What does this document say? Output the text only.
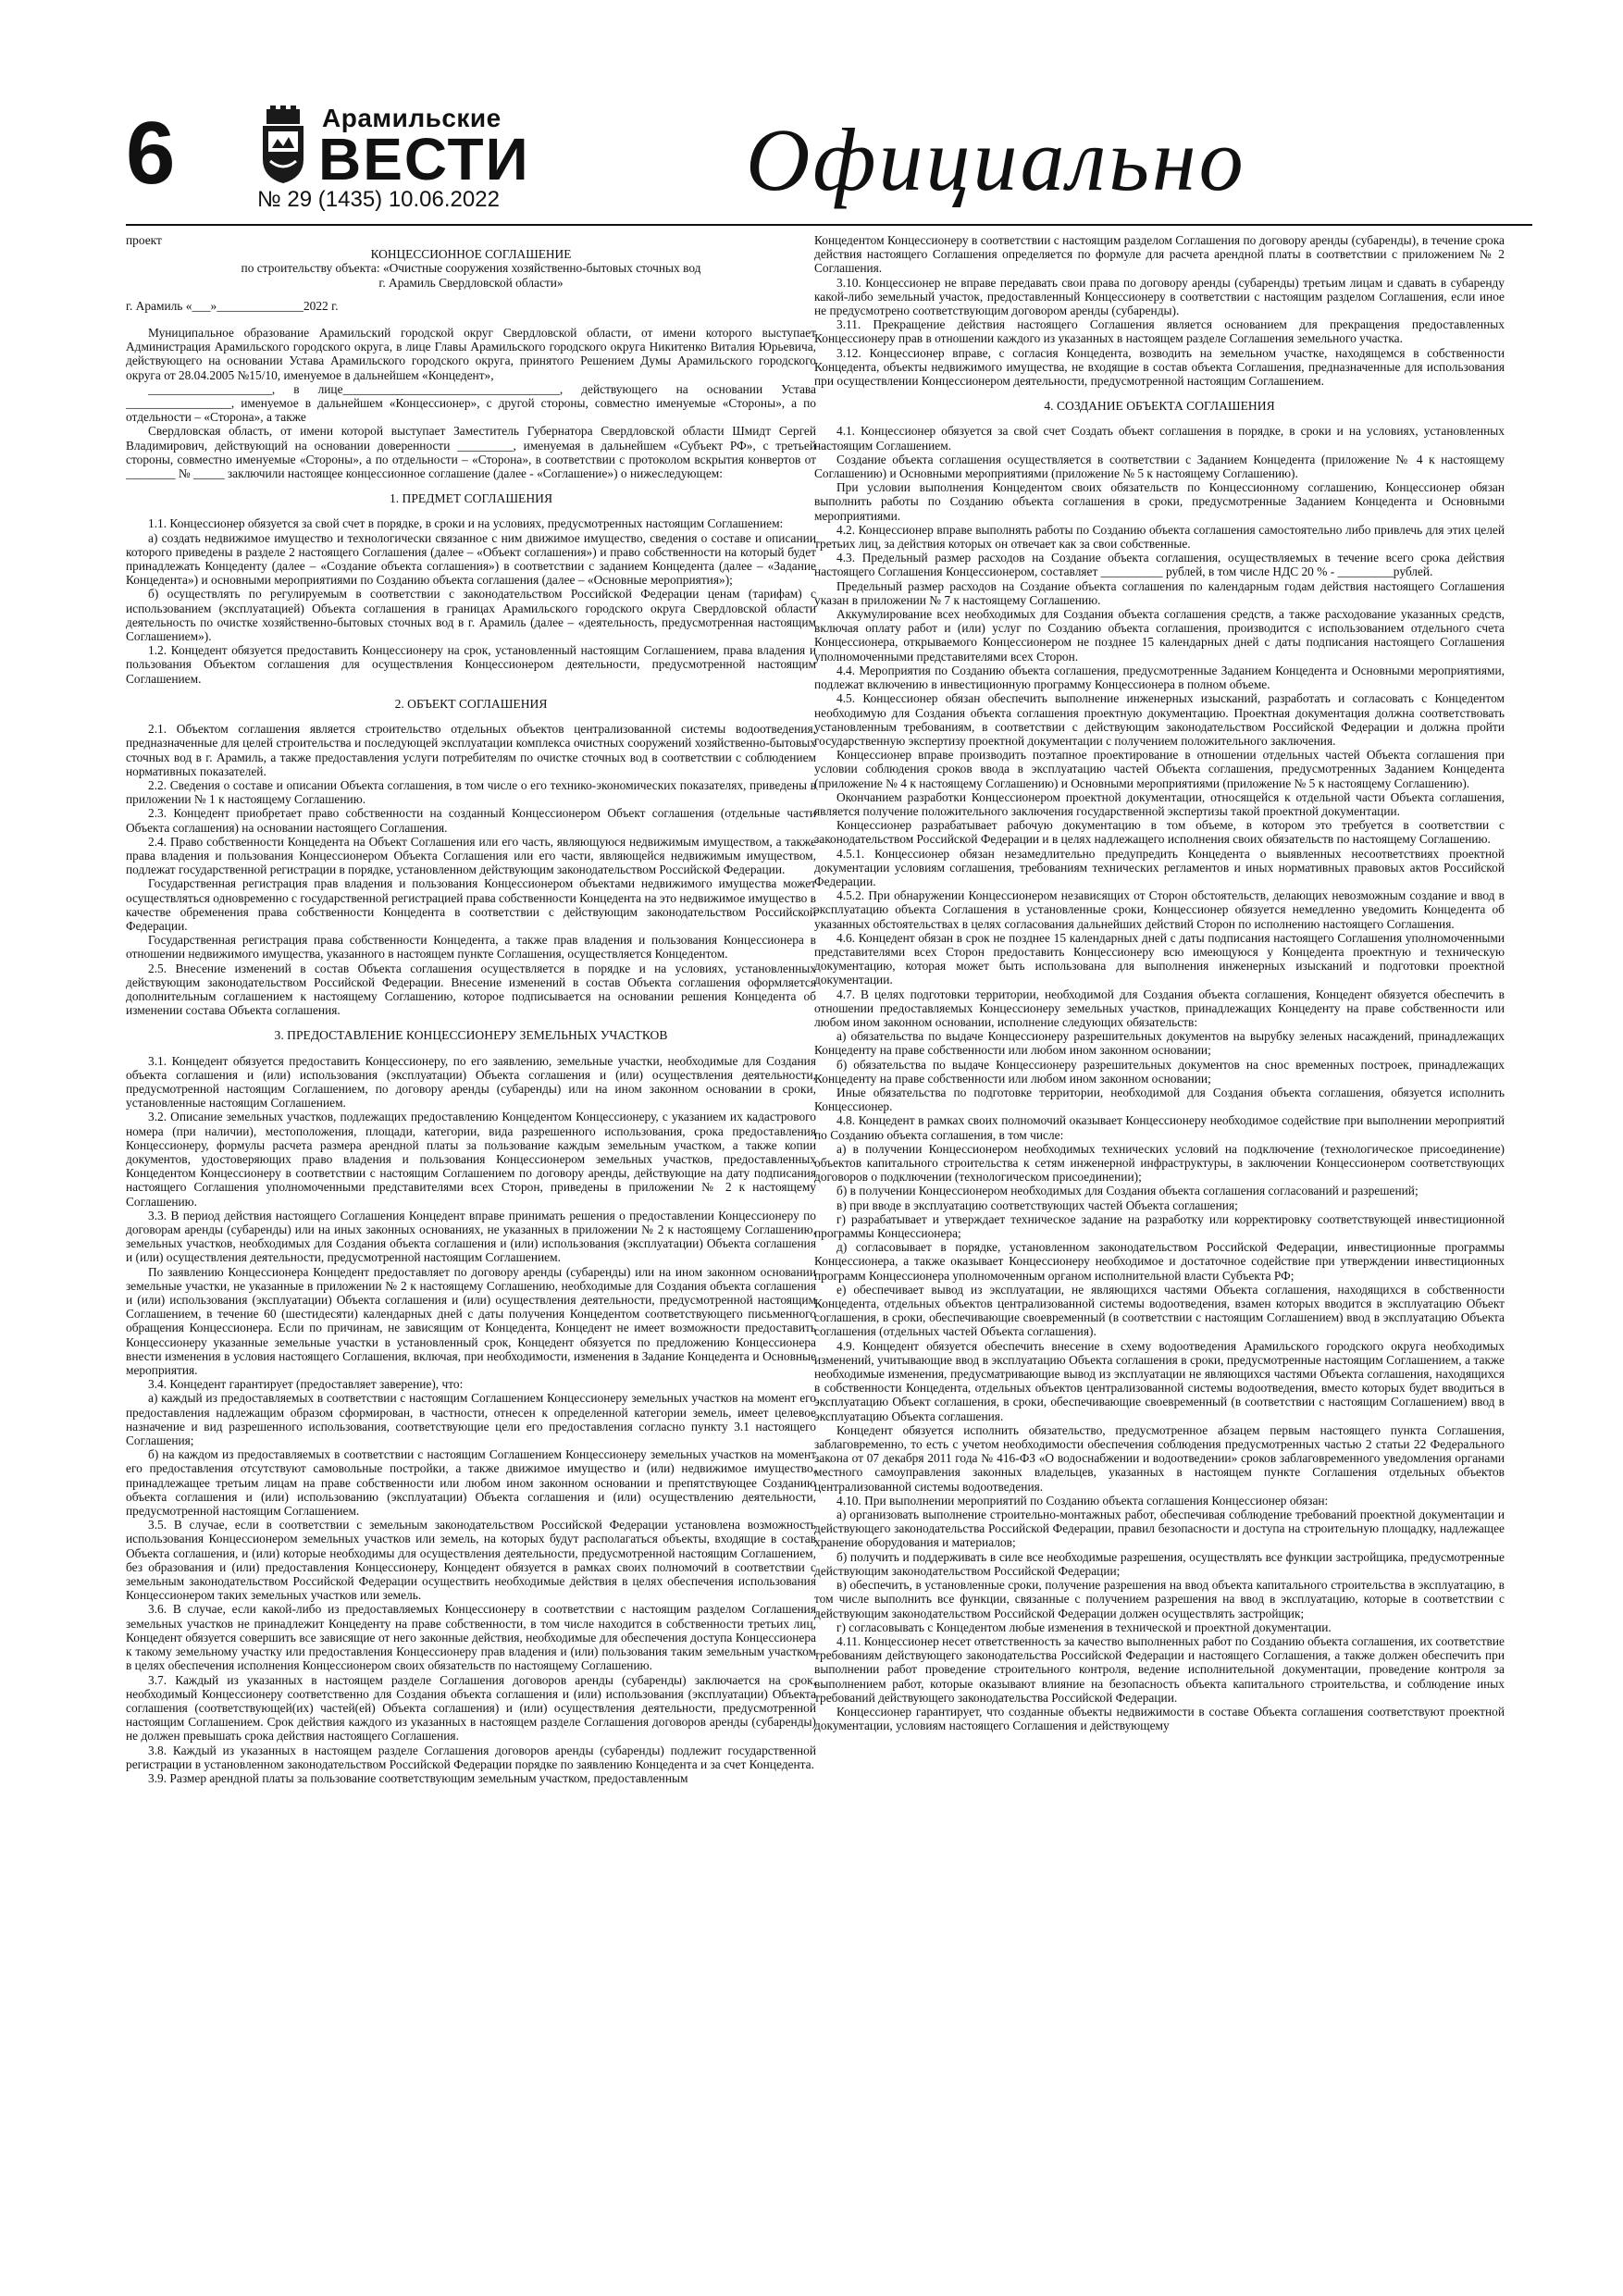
6	Арамильские
ВЕСТИ
№ 29 (1435) 10.06.2022	Официально

проект

КОНЦЕССИОННОЕ СОГЛАШЕНИЕ

по строительству объекта: «Очистные сооружения хозяйственно-бытовых сточных вод

г. Арамиль Свердловской области»

г. Арамиль «___»______________2022 г.

Муниципальное образование Арамильский городской округ Свердловской области, от имени которого выступает Администрация Арамильского городского округа, в лице Главы Арамильского городского округа Никитенко Виталия Юрьевича, действующего на основании Устава Арамильского городского округа, принятого Решением Думы Арамильского городского округа от 28.04.2005 №15/10, именуемое в дальнейшем «Концедент»,

____________________, в лице___________________________________, действующего на основании Устава _________________, именуемое в дальнейшем «Концессионер», с другой стороны, совместно именуемые «Стороны», а по отдельности – «Сторона», а также

Свердловская область, от имени которой выступает Заместитель Губернатора Свердловской области Шмидт Сергей Владимирович, действующий на основании доверенности _________, именуемая в дальнейшем «Субъект РФ», с третьей стороны, совместно именуемые «Стороны», а по отдельности – «Сторона», в соответствии с протоколом вскрытия конвертов от ________ № _____ заключили настоящее концессионное соглашение (далее - «Соглашение») о нижеследующем:

1. ПРЕДМЕТ СОГЛАШЕНИЯ

1.1. Концессионер обязуется за свой счет в порядке, в сроки и на условиях, предусмотренных настоящим Соглашением:

а) создать недвижимое имущество и технологически связанное с ним движимое имущество, сведения о составе и описании которого приведены в разделе 2 настоящего Соглашения (далее – «Объект соглашения») и право собственности на который будет принадлежать Концеденту (далее – «Создание объекта соглашения») в соответствии с заданием Концедента (далее – «Задание Концедента») и основными мероприятиями по Созданию объекта соглашения (далее – «Основные мероприятия»);

б) осуществлять по регулируемым в соответствии с законодательством Российской Федерации ценам (тарифам) с использованием (эксплуатацией) Объекта соглашения в границах Арамильского городского округа Свердловской области деятельность по очистке хозяйственно-бытовых сточных вод в г. Арамиль (далее – «деятельность, предусмотренная настоящим Соглашением»).

1.2. Концедент обязуется предоставить Концессионеру на срок, установленный настоящим Соглашением, права владения и пользования Объектом соглашения для осуществления Концессионером деятельности, предусмотренной настоящим Соглашением.

2. ОБЪЕКТ СОГЛАШЕНИЯ

2.1. Объектом соглашения является строительство отдельных объектов централизованной системы водоотведения, предназначенные для целей строительства и последующей эксплуатации комплекса очистных сооружений хозяйственно-бытовых сточных вод в г. Арамиль, а также предоставления услуги потребителям по очистке сточных вод в соответствии с соблюдением нормативных показателей.

2.2. Сведения о составе и описании Объекта соглашения, в том числе о его технико-экономических показателях, приведены в приложении № 1 к настоящему Соглашению.

2.3. Концедент приобретает право собственности на созданный Концессионером Объект соглашения (отдельные части Объекта соглашения) на основании настоящего Соглашения.

2.4. Право собственности Концедента на Объект Соглашения или его часть, являющуюся недвижимым имуществом, а также права владения и пользования Концессионером Объекта Соглашения или его части, являющейся недвижимым имуществом, подлежат государственной регистрации в порядке, установленном действующим законодательством Российской Федерации.

Государственная регистрация прав владения и пользования Концессионером объектами недвижимого имущества может осуществляться одновременно с государственной регистрацией права собственности Концедента на это недвижимое имущество в качестве обременения права собственности Концедента в соответствии с действующим законодательством Российской Федерации.

Государственная регистрация права собственности Концедента, а также прав владения и пользования Концессионера в отношении недвижимого имущества, указанного в настоящем пункте Соглашения, осуществляется Концедентом.

2.5. Внесение изменений в состав Объекта соглашения осуществляется в порядке и на условиях, установленных действующим законодательством Российской Федерации. Внесение изменений в состав Объекта соглашения оформляется дополнительным соглашением к настоящему Соглашению, которое подписывается на основании решения Концедента об изменении состава Объекта соглашения.

3. ПРЕДОСТАВЛЕНИЕ КОНЦЕССИОНЕРУ ЗЕМЕЛЬНЫХ УЧАСТКОВ

3.1. Концедент обязуется предоставить Концессионеру, по его заявлению, земельные участки, необходимые для Создания объекта соглашения и (или) использования (эксплуатации) Объекта соглашения и (или) осуществления деятельности, предусмотренной настоящим Соглашением, по договору аренды (субаренды) или на ином законном основании в сроки, установленные настоящим Соглашением.

3.2. Описание земельных участков, подлежащих предоставлению Концедентом Концессионеру, с указанием их кадастрового номера (при наличии), местоположения, площади, категории, вида разрешенного использования, срока предоставления Концессионеру, формулы расчета размера арендной платы за пользование каждым земельным участком, а также копии документов, удостоверяющих право владения и пользования Концессионером земельных участков, предоставленных Концедентом Концессионеру в соответствии с настоящим Соглашением по договору аренды, действующие на дату подписания настоящего Соглашения уполномоченными представителями всех Сторон, приведены в приложении № 2 к настоящему Соглашению.

3.3. В период действия настоящего Соглашения Концедент вправе принимать решения о предоставлении Концессионеру по договорам аренды (субаренды) или на иных законных основаниях, не указанных в приложении № 2 к настоящему Соглашению, земельных участков, необходимых для Создания объекта соглашения и (или) использования (эксплуатации) Объекта соглашения и (или) осуществления деятельности, предусмотренной настоящим Соглашением.

По заявлению Концессионера Концедент предоставляет по договору аренды (субаренды) или на ином законном основании земельные участки, не указанные в приложении № 2 к настоящему Соглашению, необходимые для Создания объекта соглашения и (или) использования (эксплуатации) Объекта соглашения и (или) осуществления деятельности, предусмотренной настоящим Соглашением, в течение 60 (шестидесяти) календарных дней с даты получения Концедентом соответствующего письменного обращения Концессионера. Если по причинам, не зависящим от Концедента, Концедент не имеет возможности предоставить Концессионеру указанные земельные участки в установленный срок, Концедент обязуется по предложению Концессионера внести изменения в условия настоящего Соглашения, включая, при необходимости, изменения в Задание Концедента и Основные мероприятия.

3.4. Концедент гарантирует (предоставляет заверение), что:

а) каждый из предоставляемых в соответствии с настоящим Соглашением Концессионеру земельных участков на момент его предоставления надлежащим образом сформирован, в частности, отнесен к определенной категории земель, имеет целевое назначение и вид разрешенного использования, соответствующие цели его предоставления согласно пункту 3.1 настоящего Соглашения;

б) на каждом из предоставляемых в соответствии с настоящим Соглашением Концессионеру земельных участков на момент его предоставления отсутствуют самовольные постройки, а также движимое имущество и (или) недвижимое имущество, принадлежащее третьим лицам на праве собственности или любом ином законном основании и препятствующее Созданию объекта соглашения и (или) использованию (эксплуатации) Объекта соглашения и (или) осуществлению деятельности, предусмотренной настоящим Соглашением.

3.5. В случае, если в соответствии с земельным законодательством Российской Федерации установлена возможность использования Концессионером земельных участков или земель, на которых будут располагаться объекты, входящие в состав Объекта соглашения, и (или) которые необходимы для осуществления деятельности, предусмотренной настоящим Соглашением, без образования и (или) предоставления Концессионеру, Концедент обязуется в рамках своих полномочий в соответствии с земельным законодательством Российской Федерации осуществить необходимые действия в целях обеспечения использования Концессионером таких земельных участков или земель.

3.6. В случае, если какой-либо из предоставляемых Концессионеру в соответствии с настоящим разделом Соглашения земельных участков не принадлежит Концеденту на праве собственности, в том числе находится в собственности третьих лиц, Концедент обязуется совершить все зависящие от него законные действия, необходимые для обеспечения доступа Концессионера к такому земельному участку или предоставления Концессионеру прав владения и (или) пользования таким земельным участком в целях обеспечения исполнения Концессионером своих обязательств по настоящему Соглашению.

3.7. Каждый из указанных в настоящем разделе Соглашения договоров аренды (субаренды) заключается на срок, необходимый Концессионеру соответственно для Создания объекта соглашения и (или) использования (эксплуатации) Объекта соглашения (соответствующей(их) частей(ей) Объекта соглашения) и (или) осуществления деятельности, предусмотренной настоящим Соглашением. Срок действия каждого из указанных в настоящем разделе Соглашения договоров аренды (субаренды) не должен превышать срока действия настоящего Соглашения.

3.8. Каждый из указанных в настоящем разделе Соглашения договоров аренды (субаренды) подлежит государственной регистрации в установленном законодательством Российской Федерации порядке по заявлению Концедента и за счет Концедента.

3.9. Размер арендной платы за пользование соответствующим земельным участком, предоставленным

Концедентом Концессионеру в соответствии с настоящим разделом Соглашения по договору аренды (субаренды), в течение срока действия настоящего Соглашения определяется по формуле для расчета арендной платы в соответствии с приложением № 2 Соглашения.

3.10. Концессионер не вправе передавать свои права по договору аренды (субаренды) третьим лицам и сдавать в субаренду какой-либо земельный участок, предоставленный Концессионеру в соответствии с настоящим разделом Соглашения, если иное не предусмотрено соответствующим договором аренды (субаренды).

3.11. Прекращение действия настоящего Соглашения является основанием для прекращения предоставленных Концессионеру прав в отношении каждого из указанных в настоящем разделе Соглашения земельного участка.

3.12. Концессионер вправе, с согласия Концедента, возводить на земельном участке, находящемся в собственности Концедента, объекты недвижимого имущества, не входящие в состав объекта Соглашения, предназначенные для использования при осуществлении Концессионером деятельности, предусмотренной настоящим Соглашением.

4. СОЗДАНИЕ ОБЪЕКТА СОГЛАШЕНИЯ

4.1. Концессионер обязуется за свой счет Создать объект соглашения в порядке, в сроки и на условиях, установленных настоящим Соглашением.

Создание объекта соглашения осуществляется в соответствии с Заданием Концедента (приложение № 4 к настоящему Соглашению) и Основными мероприятиями (приложение № 5 к настоящему Соглашению).

При условии выполнения Концедентом своих обязательств по Концессионному соглашению, Концессионер обязан выполнить работы по Созданию объекта соглашения в сроки, предусмотренные Заданием Концедента и Основными мероприятиями.

4.2. Концессионер вправе выполнять работы по Созданию объекта соглашения самостоятельно либо привлечь для этих целей третьих лиц, за действия которых он отвечает как за свои собственные.

4.3. Предельный размер расходов на Создание объекта соглашения, осуществляемых в течение всего срока действия настоящего Соглашения Концессионером, составляет __________ рублей, в том числе НДС 20 % - _________рублей.

Предельный размер расходов на Создание объекта соглашения по календарным годам действия настоящего Соглашения указан в приложении № 7 к настоящему Соглашению.

Аккумулирование всех необходимых для Создания объекта соглашения средств, а также расходование указанных средств, включая оплату работ и (или) услуг по Созданию объекта соглашения, производится с использованием отдельного счета Концессионера, открываемого Концессионером не позднее 15 календарных дней с даты подписания настоящего Соглашения уполномоченными представителями всех Сторон.

4.4. Мероприятия по Созданию объекта соглашения, предусмотренные Заданием Концедента и Основными мероприятиями, подлежат включению в инвестиционную программу Концессионера в полном объеме.

4.5. Концессионер обязан обеспечить выполнение инженерных изысканий, разработать и согласовать с Концедентом необходимую для Создания объекта соглашения проектную документацию. Проектная документация должна соответствовать установленным требованиям, в соответствии с действующим законодательством Российской Федерации и должна пройти государственную экспертизу проектной документации с получением положительного заключения.

Концессионер вправе производить поэтапное проектирование в отношении отдельных частей Объекта соглашения при условии соблюдения сроков ввода в эксплуатацию частей Объекта соглашения, предусмотренных Заданием Концедента (приложение № 4 к настоящему Соглашению) и Основными мероприятиями (приложение № 5 к настоящему Соглашению).

Окончанием разработки Концессионером проектной документации, относящейся к отдельной части Объекта соглашения, является получение положительного заключения государственной экспертизы такой проектной документации.

Концессионер разрабатывает рабочую документацию в том объеме, в котором это требуется в соответствии с законодательством Российской Федерации и в целях надлежащего исполнения своих обязательств по настоящему Соглашению.

4.5.1. Концессионер обязан незамедлительно предупредить Концедента о выявленных несоответствиях проектной документации условиям соглашения, требованиям технических регламентов и иных нормативных правовых актов Российской Федерации.

4.5.2. При обнаружении Концессионером независящих от Сторон обстоятельств, делающих невозможным создание и ввод в эксплуатацию объекта Соглашения в установленные сроки, Концессионер обязуется немедленно уведомить Концедента об указанных обстоятельствах в целях согласования дальнейших действий Сторон по исполнению настоящего Соглашения.

4.6. Концедент обязан в срок не позднее 15 календарных дней с даты подписания настоящего Соглашения уполномоченными представителями всех Сторон предоставить Концессионеру всю имеющуюся у Концедента проектную и техническую документацию, которая может быть использована для выполнения инженерных изысканий и подготовки проектной документации.

4.7. В целях подготовки территории, необходимой для Создания объекта соглашения, Концедент обязуется обеспечить в отношении предоставляемых Концессионеру земельных участков, принадлежащих Концеденту на праве собственности или любом ином законном основании, исполнение следующих обязательств:

а) обязательства по выдаче Концессионеру разрешительных документов на вырубку зеленых насаждений, принадлежащих Концеденту на праве собственности или любом ином законном основании;

б) обязательства по выдаче Концессионеру разрешительных документов на снос временных построек, принадлежащих Концеденту на праве собственности или любом ином законном основании;

Иные обязательства по подготовке территории, необходимой для Создания объекта соглашения, обязуется исполнить Концессионер.

4.8. Концедент в рамках своих полномочий оказывает Концессионеру необходимое содействие при выполнении мероприятий по Созданию объекта соглашения, в том числе:

а) в получении Концессионером необходимых технических условий на подключение (технологическое присоединение) объектов капитального строительства к сетям инженерной инфраструктуры, в заключении Концессионером соответствующих договоров о подключении (технологическом присоединении);

б) в получении Концессионером необходимых для Создания объекта соглашения согласований и разрешений;

в) при вводе в эксплуатацию соответствующих частей Объекта соглашения;

г) разрабатывает и утверждает техническое задание на разработку или корректировку соответствующей инвестиционной программы Концессионера;

д) согласовывает в порядке, установленном законодательством Российской Федерации, инвестиционные программы Концессионера, а также оказывает Концессионеру необходимое и достаточное содействие при утверждении инвестиционных программ Концессионера уполномоченным органом исполнительной власти Субъекта РФ;

е) обеспечивает вывод из эксплуатации, не являющихся частями Объекта соглашения, находящихся в собственности Концедента, отдельных объектов централизованной системы водоотведения, взамен которых вводится в эксплуатацию Объект соглашения, в сроки, обеспечивающие своевременный (в соответствии с настоящим Соглашением) ввод в эксплуатацию Объекта соглашения (отдельных частей Объекта соглашения).

4.9. Концедент обязуется обеспечить внесение в схему водоотведения Арамильского городского округа необходимых изменений, учитывающие ввод в эксплуатацию Объекта соглашения в сроки, предусмотренные настоящим Соглашением, а также необходимые изменения, предусматривающие вывод из эксплуатации не являющихся частями Объекта соглашения, находящихся в собственности Концедента, отдельных объектов централизованной системы водоотведения, вместо которых будет вводиться в эксплуатацию Объект соглашения, в сроки, обеспечивающие своевременный (в соответствии с настоящим Соглашением) ввод в эксплуатацию Объекта соглашения.

Концедент обязуется исполнить обязательство, предусмотренное абзацем первым настоящего пункта Соглашения, заблаговременно, то есть с учетом необходимости обеспечения соблюдения предусмотренных частью 2 статьи 22 Федерального закона от 07 декабря 2011 года № 416-ФЗ «О водоснабжении и водоотведении» сроков заблаговременного уведомления органами местного самоуправления законных владельцев, указанных в настоящем пункте Соглашения отдельных объектов централизованной системы водоотведения.

4.10. При выполнении мероприятий по Созданию объекта соглашения Концессионер обязан:

а) организовать выполнение строительно-монтажных работ, обеспечивая соблюдение требований проектной документации и действующего законодательства Российской Федерации, правил безопасности и доступа на строительную площадку, надлежащее хранение оборудования и материалов;

б) получить и поддерживать в силе все необходимые разрешения, осуществлять все функции застройщика, предусмотренные действующим законодательством Российской Федерации;

в) обеспечить, в установленные сроки, получение разрешения на ввод объекта капитального строительства в эксплуатацию, в том числе выполнить все функции, связанные с получением разрешения на ввод в эксплуатацию, которые в соответствии с действующим законодательством Российской Федерации должен осуществлять застройщик;

г) согласовывать с Концедентом любые изменения в технической и проектной документации.

4.11. Концессионер несет ответственность за качество выполненных работ по Созданию объекта соглашения, их соответствие требованиям действующего законодательства Российской Федерации и настоящего Соглашения, а также должен обеспечить при выполнении работ проведение строительного контроля, ведение исполнительной документации, проведение контроля за выполнением работ, которые оказывают влияние на безопасность объекта капитального строительства, и соблюдение иных требований действующего законодательства Российской Федерации.

Концессионер гарантирует, что созданные объекты недвижимости в составе Объекта соглашения соответствуют проектной документации, условиям настоящего Соглашения и действующему
